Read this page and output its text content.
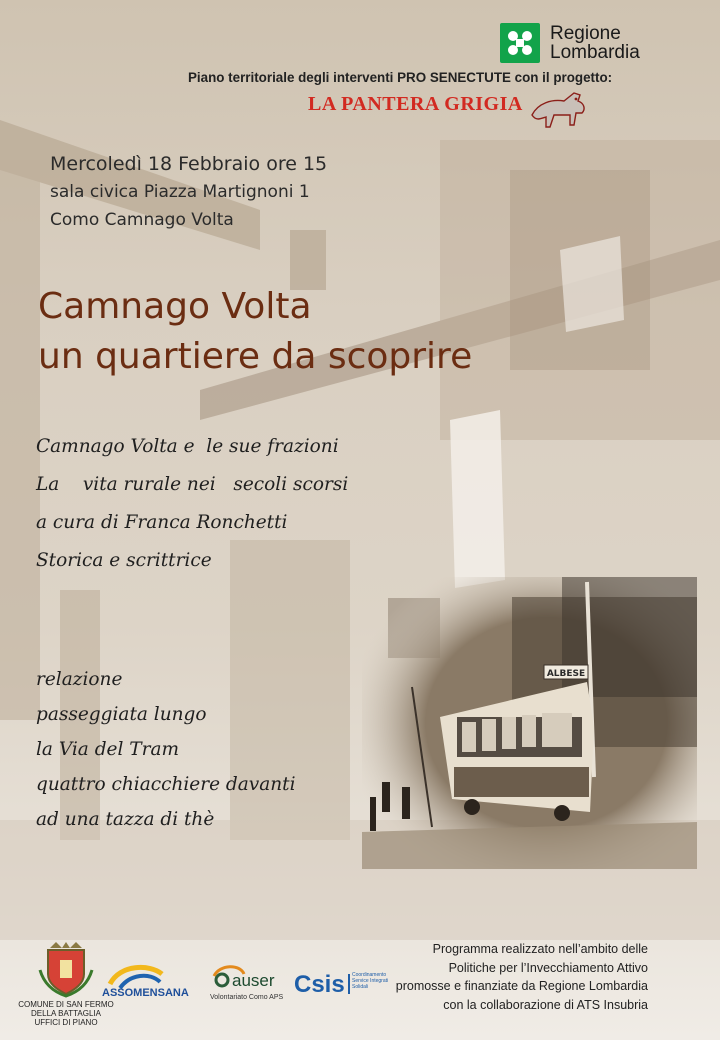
Regione
Lombardia
Piano territoriale degli interventi PRO SENECTUTE con il progetto:
LA PANTERA GRIGIA
Mercoledì 18 Febbraio ore 15
sala civica Piazza Martignoni 1
Como Camnago Volta
Camnago Volta
un quartiere da scoprire
Camnago Volta e  le sue frazioni
La    vita rurale nei   secoli scorsi
a cura di Franca Ronchetti
Storica e scrittrice
relazione
passeggiata lungo
la Via del Tram
quattro chiacchiere davanti
ad una tazza di thè
ALBESE
COMUNE DI SAN FERMO
DELLA BATTAGLIA
UFFICI DI PIANO
ASSOMENSANA
auser
Volontariato Como APS Csis Coordinamento Service Integrati Solidali
Programma realizzato nell’ambito delle
Politiche per l’Invecchiamento Attivo
promosse e finanziate da Regione Lombardia
con la collaborazione di ATS Insubria
